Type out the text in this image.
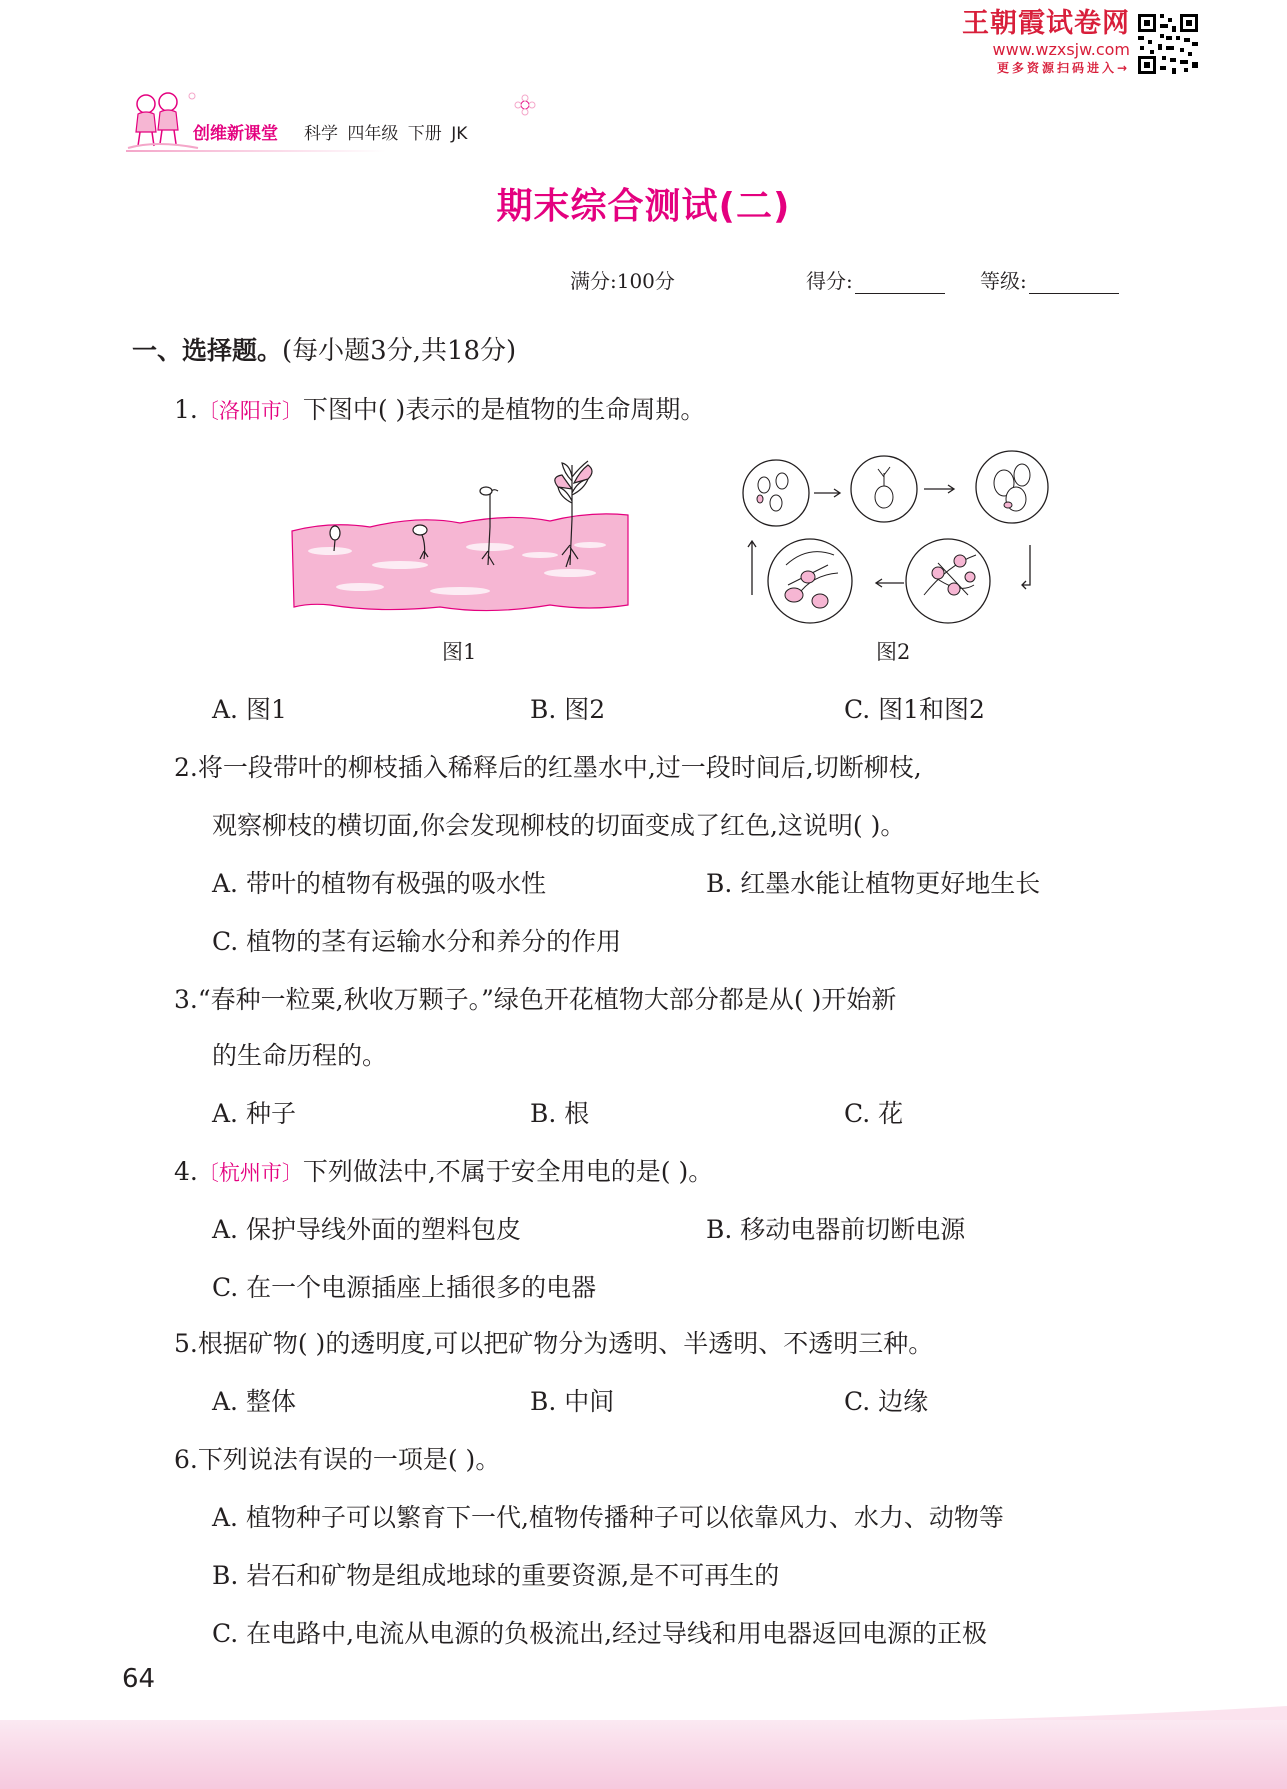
王朝霞试卷网
www.wzxsjw.com
更多资源扫码进入→
创维新课堂 科学 四年级 下册 JK
期末综合测试(二)
满分:100分	得分:	等级:
一、选择题。(每小题3分,共18分)
1.〔洛阳市〕下图中( )表示的是植物的生命周期。
图1	图2
A. 图1	B. 图2	C. 图1和图2
2.将一段带叶的柳枝插入稀释后的红墨水中,过一段时间后,切断柳枝,
观察柳枝的横切面,你会发现柳枝的切面变成了红色,这说明( )。
A. 带叶的植物有极强的吸水性	B. 红墨水能让植物更好地生长
C. 植物的茎有运输水分和养分的作用
3.“春种一粒粟,秋收万颗子。”绿色开花植物大部分都是从( )开始新
的生命历程的。
A. 种子	B. 根	C. 花
4.〔杭州市〕下列做法中,不属于安全用电的是( )。
A. 保护导线外面的塑料包皮	B. 移动电器前切断电源
C. 在一个电源插座上插很多的电器
5.根据矿物( )的透明度,可以把矿物分为透明、半透明、不透明三种。
A. 整体	B. 中间	C. 边缘
6.下列说法有误的一项是( )。
A. 植物种子可以繁育下一代,植物传播种子可以依靠风力、水力、动物等
B. 岩石和矿物是组成地球的重要资源,是不可再生的
C. 在电路中,电流从电源的负极流出,经过导线和用电器返回电源的正极
64
